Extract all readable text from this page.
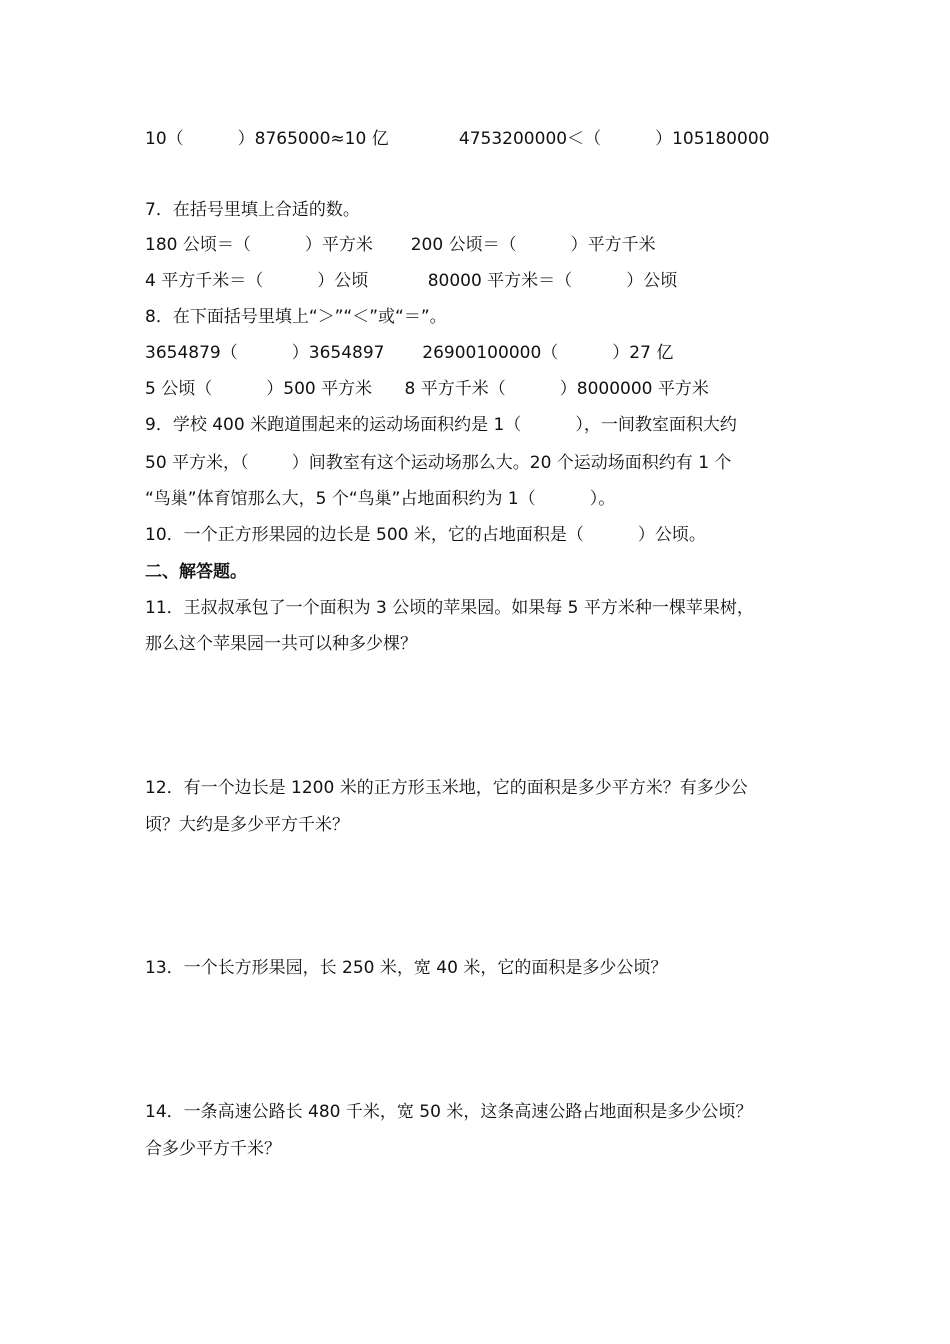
10（          ）8765000≈10 亿             4753200000＜（          ）105180000
7．在括号里填上合适的数。
180 公顷＝（          ）平方米       200 公顷＝（          ）平方千米
4 平方千米＝（          ）公顷           80000 平方米＝（          ）公顷
8．在下面括号里填上“＞”“＜”或“＝”。
3654879（          ）3654897       26900100000（          ）27 亿
5 公顷（          ）500 平方米      8 平方千米（          ）8000000 平方米
9．学校 400 米跑道围起来的运动场面积约是 1（          ），一间教室面积大约
50 平方米，（        ）间教室有这个运动场那么大。20 个运动场面积约有 1 个
“鸟巢”体育馆那么大，5 个“鸟巢”占地面积约为 1（          ）。
10．一个正方形果园的边长是 500 米，它的占地面积是（          ）公顷。
二、解答题。
11．王叔叔承包了一个面积为 3 公顷的苹果园。如果每 5 平方米种一棵苹果树，
那么这个苹果园一共可以种多少棵？
12．有一个边长是 1200 米的正方形玉米地，它的面积是多少平方米？有多少公
顷？大约是多少平方千米？
13．一个长方形果园，长 250 米，宽 40 米，它的面积是多少公顷？
14．一条高速公路长 480 千米，宽 50 米，这条高速公路占地面积是多少公顷？
合多少平方千米？
